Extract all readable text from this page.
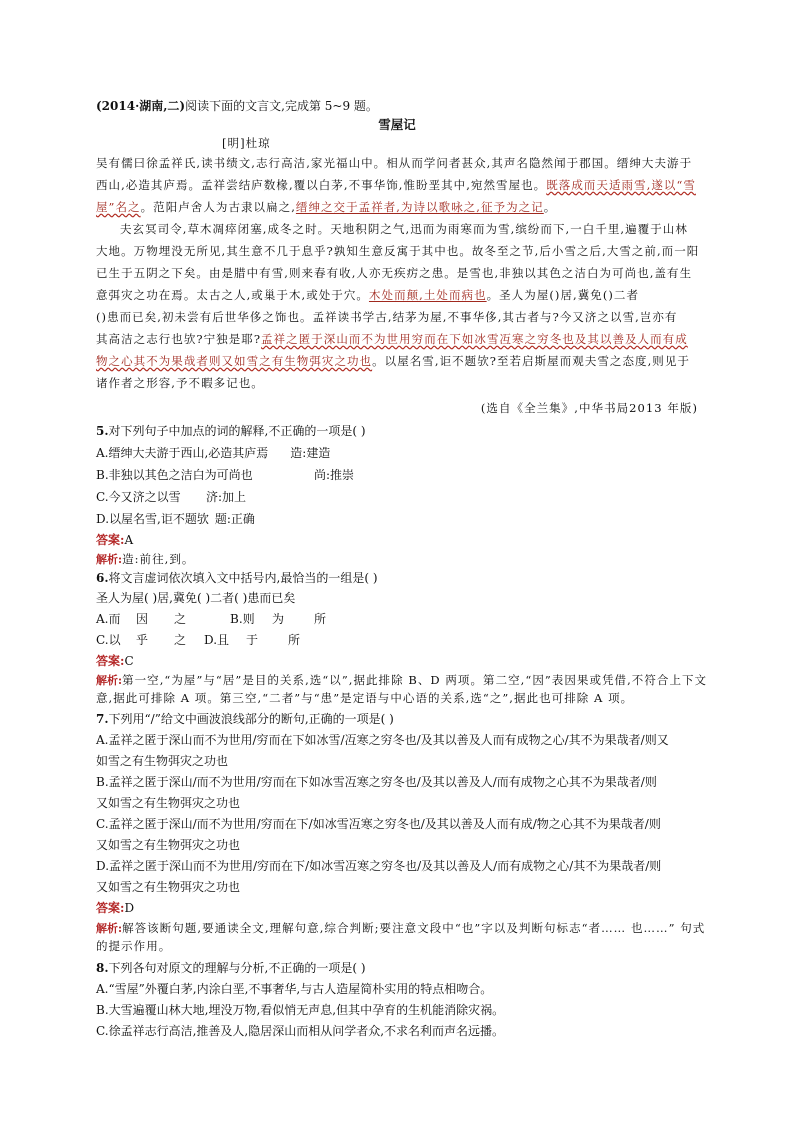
(2014·湖南,二)阅读下面的文言文,完成第 5~9 题。
雪屋记
[明]杜琼
吴有儒曰徐孟祥氏,读书绩文,志行高洁,家光福山中。相从而学问者甚众,其声名隐然闻于郡国。缙绅大夫游于
西山,必造其庐焉。孟祥尝结庐数椽,覆以白茅,不事华饰,惟盼垩其中,宛然雪屋也。既落成而天适雨雪,遂以“雪
屋”名之。范阳卢舍人为古隶以扁之,缙绅之交于孟祥者,为诗以歌咏之,征予为之记。
夫玄冥司令,草木凋瘁闭塞,成冬之时。天地积阴之气,迅而为雨寒而为雪,缤纷而下,一白千里,遍覆于山林
大地。万物埋没无所见,其生意不几于息乎?孰知生意反寓于其中也。故冬至之节,后小雪之后,大雪之前,而一阳
已生于五阴之下矣。由是腊中有雪,则来春有收,人亦无疾疠之患。是雪也,非独以其色之洁白为可尚也,盖有生
意弭灾之功在焉。太古之人,或巢于木,或处于穴。木处而颠,土处而病也。圣人为屋()居,冀免()二者
()患而已矣,初未尝有后世华侈之饰也。孟祥读书学古,结茅为屋,不事华侈,其古者与?今又济之以雪,岂亦有
其高洁之志行也欤?宁独是耶?孟祥之匿于深山而不为世用穷而在下如冰雪冱寒之穷冬也及其以善及人而有成
物之心其不为果哉者则又如雪之有生物弭灾之功也。以屋名雪,讵不题欤?至若启斯屋而观夫雪之态度,则见于
诸作者之形容,予不暇多记也。
(选自《全兰集》,中华书局2013 年版)
5.对下列句子中加点的词的解释,不正确的一项是( )
A.缙绅大夫游于西山,必造其庐焉 造:建造
B.非独以其色之洁白为可尚也	尚:推崇
C.今又济之以雪 济:加上
D.以屋名雪,讵不题欤 题:正确
答案:A
解析:造:前往,到。
6.将文言虚词依次填入文中括号内,最恰当的一组是( )
圣人为屋( )居,冀免( )二者( )患而已矣
A.而 因 之	B.则 为 所
C.以 乎 之 D.且 于 所
答案:C
解析:第一空,“为屋”与“居”是目的关系,选“以”,据此排除 B、D 两项。第二空,“因”表因果或凭借,不符合上下文
意,据此可排除 A 项。第三空,“二者”与“患”是定语与中心语的关系,选“之”,据此也可排除 A 项。
7.下列用“/”给文中画波浪线部分的断句,正确的一项是( )
A.孟祥之匿于深山而不为世用/穷而在下如冰雪/冱寒之穷冬也/及其以善及人而有成物之心/其不为果哉者/则又
如雪之有生物弭灾之功也
B.孟祥之匿于深山/而不为世用/穷而在下如冰雪冱寒之穷冬也/及其以善及人/而有成物之心其不为果哉者/则
又如雪之有生物弭灾之功也
C.孟祥之匿于深山/而不为世用/穷而在下/如冰雪冱寒之穷冬也/及其以善及人而有成/物之心其不为果哉者/则
又如雪之有生物弭灾之功也
D.孟祥之匿于深山而不为世用/穷而在下/如冰雪冱寒之穷冬也/及其以善及人/而有成物之心/其不为果哉者/则
又如雪之有生物弭灾之功也
答案:D
解析:解答该断句题,要通读全文,理解句意,综合判断;要注意文段中“也”字以及判断句标志“者…… 也……” 句式
的提示作用。
8.下列各句对原文的理解与分析,不正确的一项是( )
A.“雪屋”外覆白茅,内涂白垩,不事奢华,与古人造屋简朴实用的特点相吻合。
B.大雪遍覆山林大地,埋没万物,看似悄无声息,但其中孕育的生机能消除灾祸。
C.徐孟祥志行高洁,推善及人,隐居深山而相从问学者众,不求名利而声名远播。
